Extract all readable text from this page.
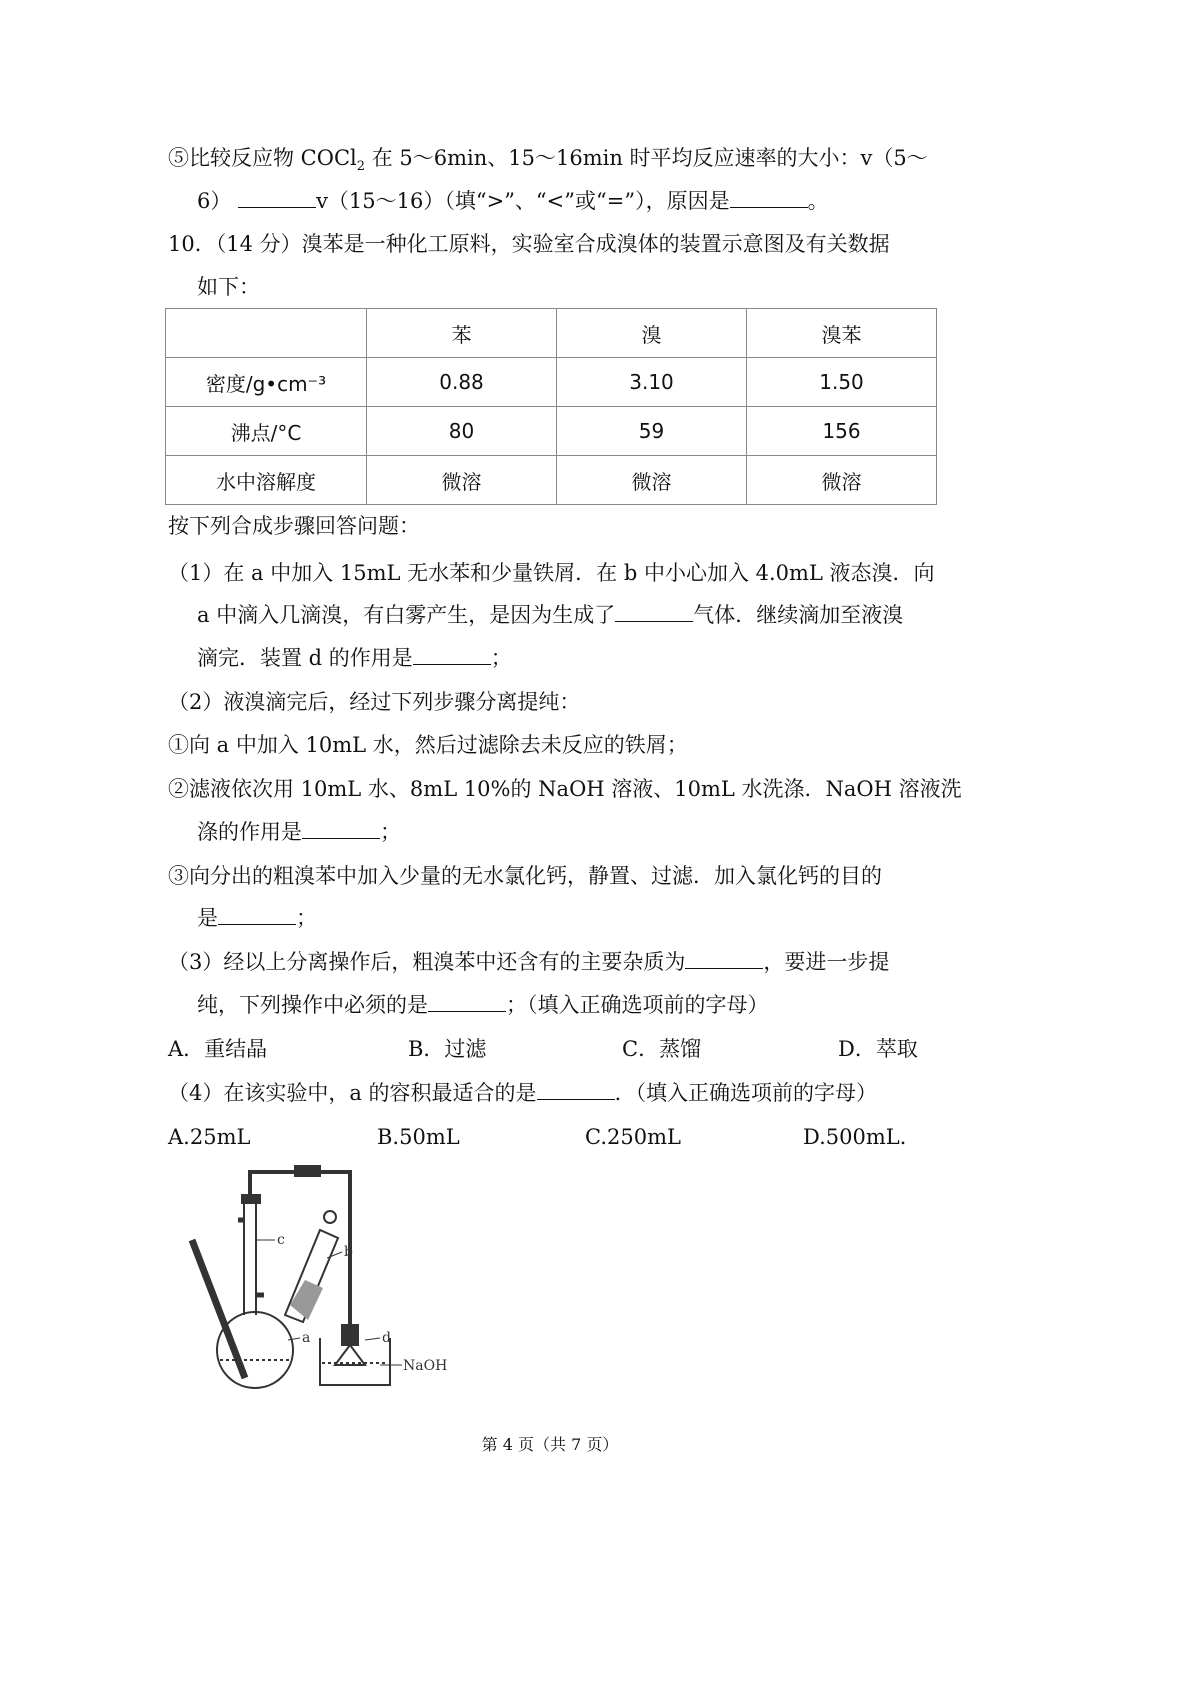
⑤比较反应物 COCl$_2$ 在 5～6min、15～16min 时平均反应速率的大小：v（5～
6）	v（15～16）（填“>”、“<”或“=”），原因是	。
10．（14 分）溴苯是一种化工原料，实验室合成溴体的装置示意图及有关数据
如下：
	苯	溴	溴苯
密度/g•cm⁻³	0.88	3.10	1.50
沸点/°C	80	59	156
水中溶解度	微溶	微溶	微溶
按下列合成步骤回答问题：
（1）在 a 中加入 15mL 无水苯和少量铁屑．在 b 中小心加入 4.0mL 液态溴．向
a 中滴入几滴溴，有白雾产生，是因为生成了	气体．继续滴加至液溴
滴完．装置 d 的作用是	；
（2）液溴滴完后，经过下列步骤分离提纯：
①向 a 中加入 10mL 水，然后过滤除去未反应的铁屑；
②滤液依次用 10mL 水、8mL 10%的 NaOH 溶液、10mL 水洗涤．NaOH 溶液洗
涤的作用是	；
③向分出的粗溴苯中加入少量的无水氯化钙，静置、过滤．加入氯化钙的目的
是	；
（3）经以上分离操作后，粗溴苯中还含有的主要杂质为	，要进一步提
纯，下列操作中必须的是	；（填入正确选项前的字母）
A．重结晶	B．过滤	C．蒸馏	D．萃取
（4）在该实验中，a 的容积最适合的是	．（填入正确选项前的字母）
A.25mL	B.50mL	C.250mL	D.500mL．
c
b
a	d
NaOH
第 4 页（共 7 页）
